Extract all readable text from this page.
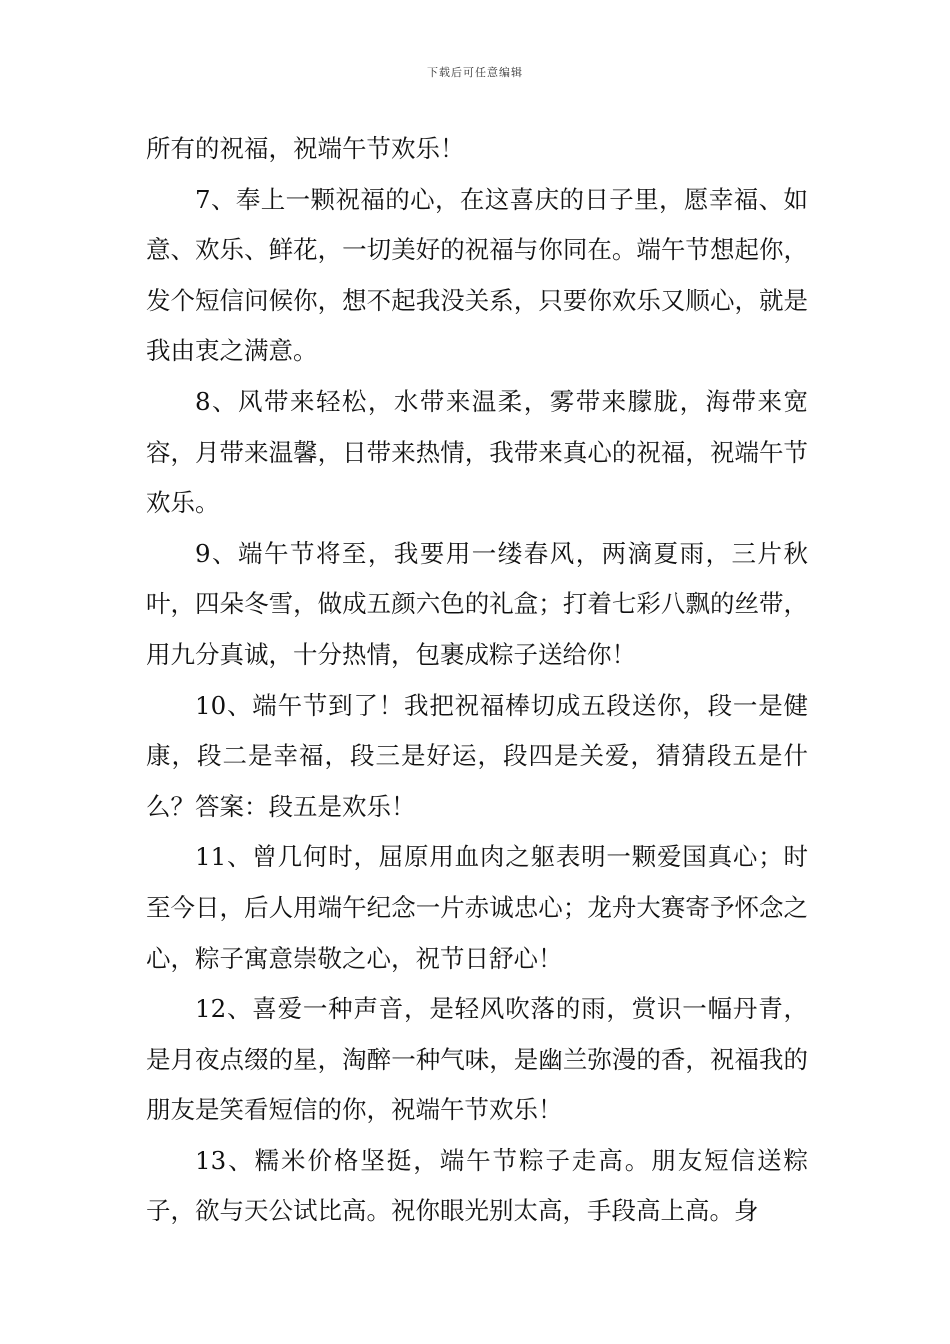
下载后可任意编辑

所有的祝福，祝端午节欢乐！

7、奉上一颗祝福的心，在这喜庆的日子里，愿幸福、如意、欢乐、鲜花，一切美好的祝福与你同在。端午节想起你，发个短信问候你，想不起我没关系，只要你欢乐又顺心，就是我由衷之满意。

8、风带来轻松，水带来温柔，雾带来朦胧，海带来宽容，月带来温馨，日带来热情，我带来真心的祝福，祝端午节欢乐。

9、端午节将至，我要用一缕春风，两滴夏雨，三片秋叶，四朵冬雪，做成五颜六色的礼盒；打着七彩八飘的丝带，用九分真诚，十分热情，包裹成粽子送给你！

10、端午节到了！我把祝福棒切成五段送你，段一是健康，段二是幸福，段三是好运，段四是关爱，猜猜段五是什么？答案：段五是欢乐！

11、曾几何时，屈原用血肉之躯表明一颗爱国真心；时至今日，后人用端午纪念一片赤诚忠心；龙舟大赛寄予怀念之心，粽子寓意崇敬之心，祝节日舒心！

12、喜爱一种声音，是轻风吹落的雨，赏识一幅丹青，是月夜点缀的星，淘醉一种气味，是幽兰弥漫的香，祝福我的朋友是笑看短信的你，祝端午节欢乐！

13、糯米价格坚挺，端午节粽子走高。朋友短信送粽子，欲与天公试比高。祝你眼光别太高，手段高上高。身
